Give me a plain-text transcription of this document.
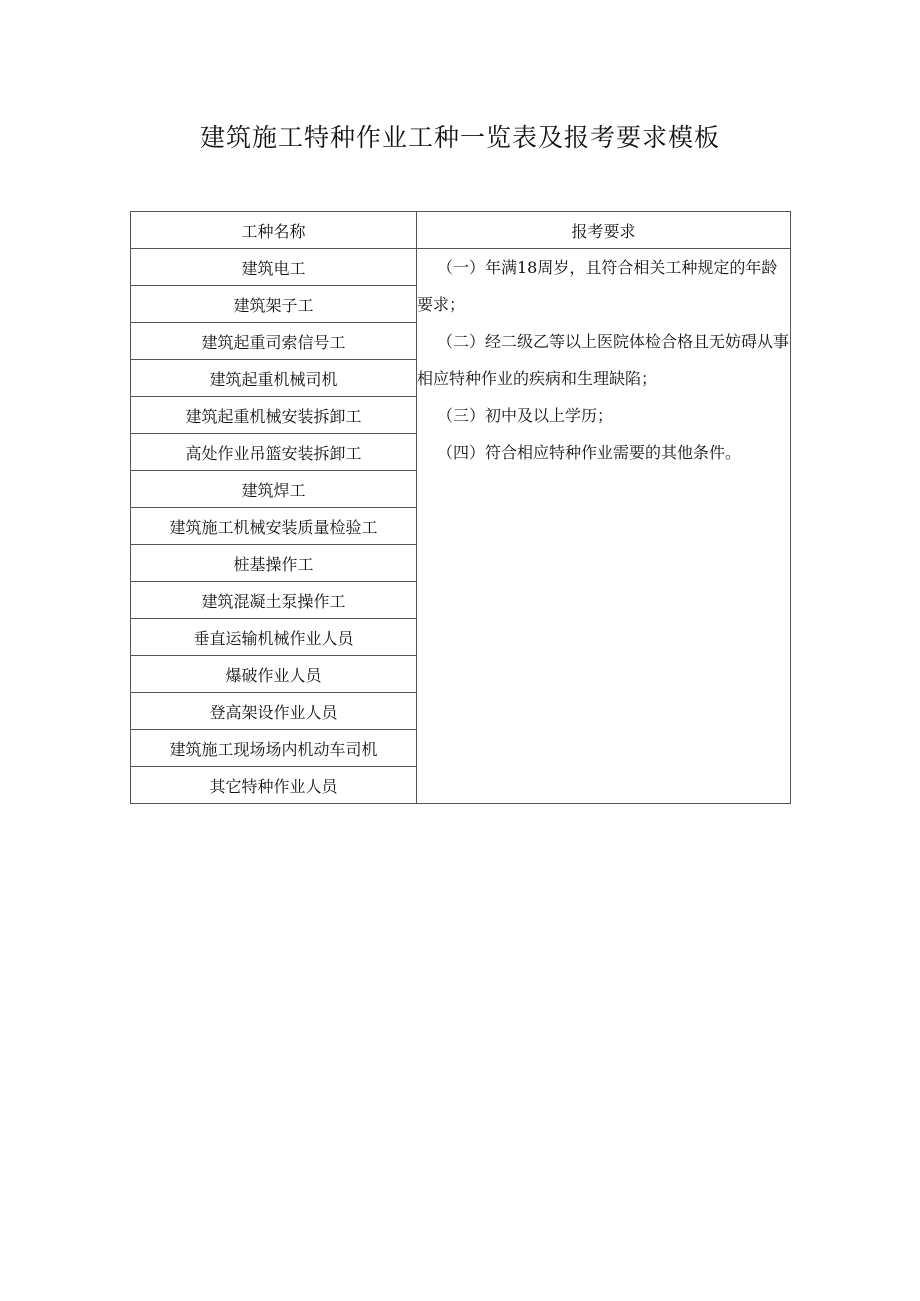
建筑施工特种作业工种一览表及报考要求模板
工种名称	报考要求
建筑电工	（一）年满18周岁，且符合相关工种规定的年龄要求；

（二）经二级乙等以上医院体检合格且无妨碍从事相应特种作业的疾病和生理缺陷；

（三）初中及以上学历；

（四）符合相应特种作业需要的其他条件。

建筑架子工	
建筑起重司索信号工	
建筑起重机械司机	
建筑起重机械安装拆卸工	
高处作业吊篮安装拆卸工	
建筑焊工	
建筑施工机械安装质量检验工	
桩基操作工	
建筑混凝土泵操作工	
垂直运输机械作业人员	
爆破作业人员	
登高架设作业人员	
建筑施工现场场内机动车司机	
其它特种作业人员	
